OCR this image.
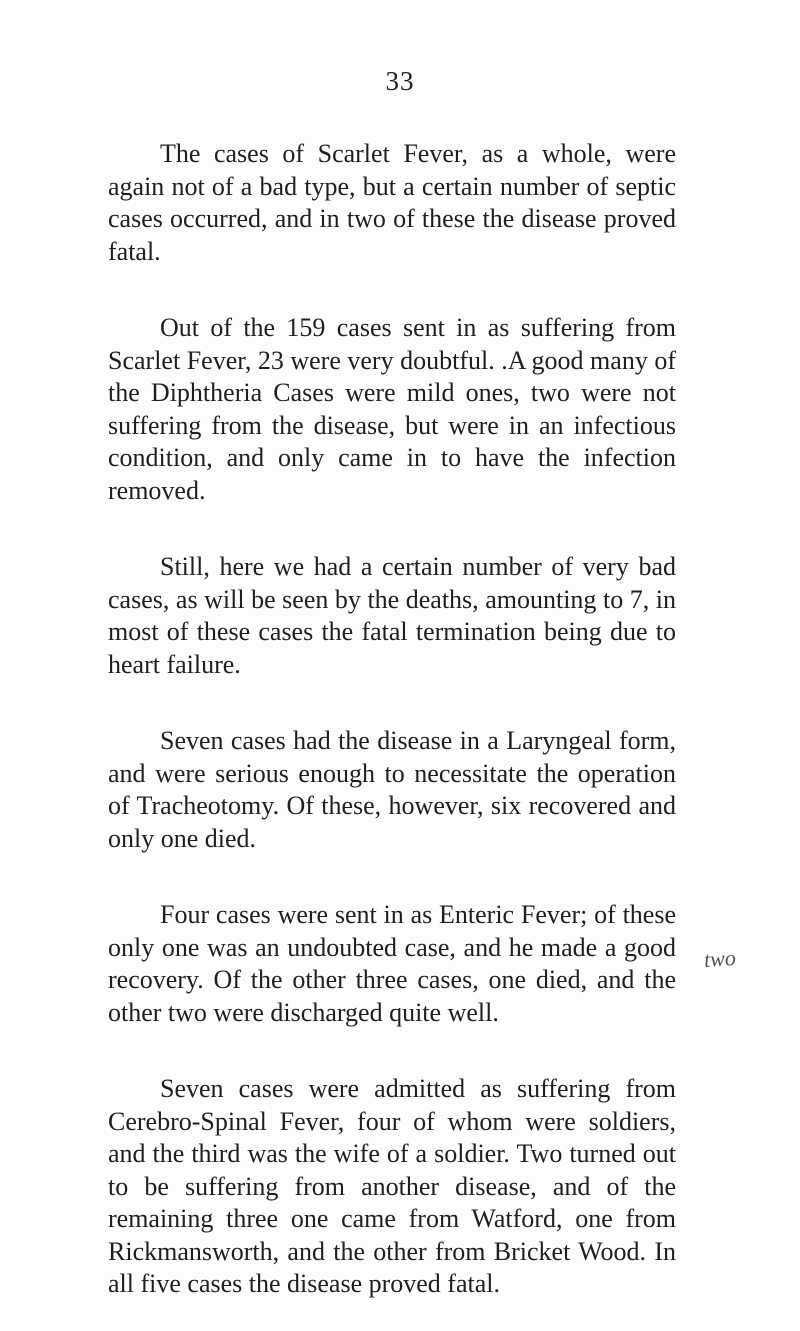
33

The cases of Scarlet Fever, as a whole, were again not of a bad type, but a certain number of septic cases occurred, and in two of these the disease proved fatal.

Out of the 159 cases sent in as suffering from Scarlet Fever, 23 were very doubtful. .A good many of the Diphtheria Cases were mild ones, two were not suffering from the disease, but were in an infectious condition, and only came in to have the infection removed.

Still, here we had a certain number of very bad cases, as will be seen by the deaths, amounting to 7, in most of these cases the fatal termination being due to heart failure.

Seven cases had the disease in a Laryngeal form, and were serious enough to necessitate the operation of Tracheotomy. Of these, however, six recovered and only one died.

Four cases were sent in as Enteric Fever; of these only one was an undoubted case, and he made a good recovery. Of the other three cases, one died, and the other two were discharged quite well.

Seven cases were admitted as suffering from Cerebro-Spinal Fever, four of whom were soldiers, and the third was the wife of a soldier. Two turned out to be suffering from another disease, and of the remaining three one came from Watford, one from Rickmansworth, and the other from Bricket Wood. In all five cases the disease proved fatal.

two
